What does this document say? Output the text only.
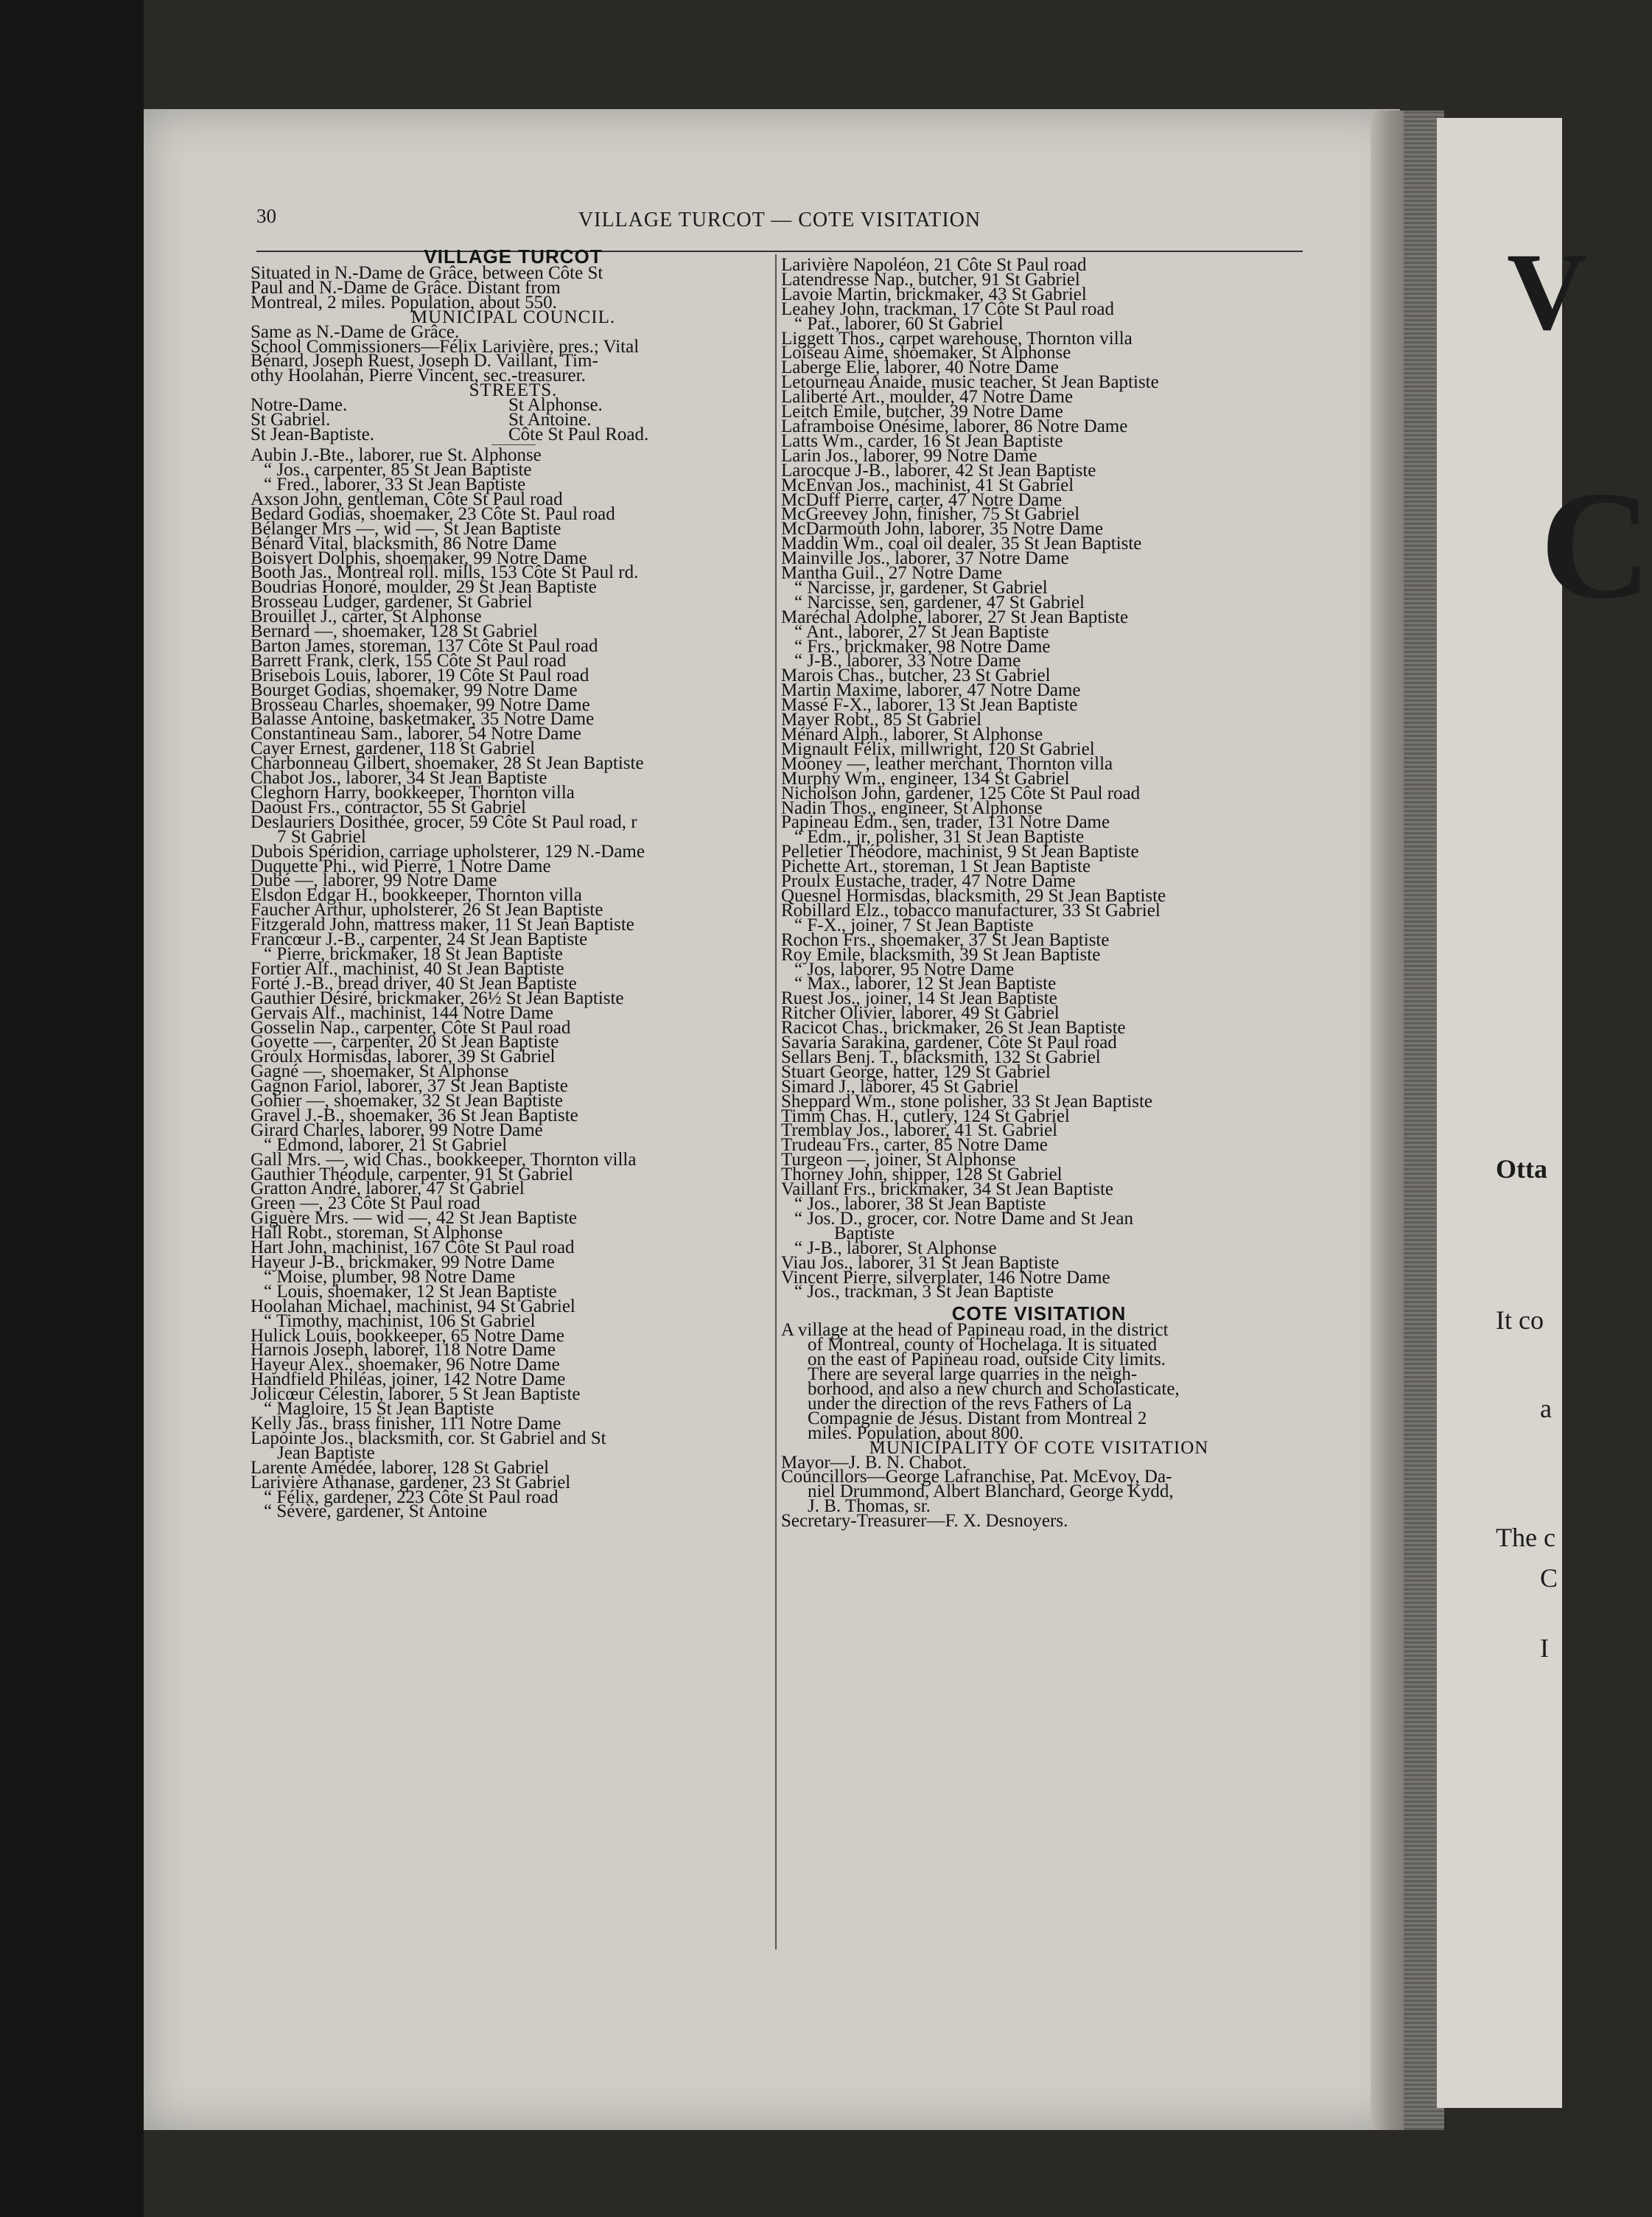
30	VILLAGE TURCOT — COTE VISITATION
VILLAGE TURCOT
Situated in N.-Dame de Grâce, between Côte St
Paul and N.-Dame de Grâce. Distant from
Montreal, 2 miles. Population, about 550.
MUNICIPAL COUNCIL.
Same as N.-Dame de Grâce.
School Commissioners—Félix Larivière, pres.; Vital
Bénard, Joseph Ruest, Joseph D. Vaillant, Tim-
othy Hoolahan, Pierre Vincent, sec.-treasurer.
STREETS.
Notre-Dame.
St Gabriel.
St Jean-Baptiste.
St Alphonse.
St Antoine.
Côte St Paul Road.
Aubin J.-Bte., laborer, rue St. Alphonse
“ Jos., carpenter, 85 St Jean Baptiste
“ Fred., laborer, 33 St Jean Baptiste
Axson John, gentleman, Côte St Paul road
Bedard Godias, shoemaker, 23 Côte St. Paul road
Bélanger Mrs —, wid —, St Jean Baptiste
Bénard Vital, blacksmith, 86 Notre Dame
Boisvert Dolphis, shoemaker, 99 Notre Dame
Booth Jas., Montreal roll. mills, 153 Côte St Paul rd.
Boudrias Honoré, moulder, 29 St Jean Baptiste
Brosseau Ludger, gardener, St Gabriel
Brouillet J., carter, St Alphonse
Bernard —, shoemaker, 128 St Gabriel
Barton James, storeman, 137 Côte St Paul road
Barrett Frank, clerk, 155 Côte St Paul road
Brisebois Louis, laborer, 19 Côte St Paul road
Bourget Godias, shoemaker, 99 Notre Dame
Brosseau Charles, shoemaker, 99 Notre Dame
Balasse Antoine, basketmaker, 35 Notre Dame
Constantineau Sam., laborer, 54 Notre Dame
Cayer Ernest, gardener, 118 St Gabriel
Charbonneau Gilbert, shoemaker, 28 St Jean Baptiste
Chabot Jos., laborer, 34 St Jean Baptiste
Cleghorn Harry, bookkeeper, Thornton villa
Daoust Frs., contractor, 55 St Gabriel
Deslauriers Dosithée, grocer, 59 Côte St Paul road, r
7 St Gabriel
Dubois Spéridion, carriage upholsterer, 129 N.-Dame
Duquette Phi., wid Pierre, 1 Notre Dame
Dubé —, laborer, 99 Notre Dame
Elsdon Edgar H., bookkeeper, Thornton villa
Faucher Arthur, upholsterer, 26 St Jean Baptiste
Fitzgerald John, mattress maker, 11 St Jean Baptiste
Francœur J.-B., carpenter, 24 St Jean Baptiste
“ Pierre, brickmaker, 18 St Jean Baptiste
Fortier Alf., machinist, 40 St Jean Baptiste
Forté J.-B., bread driver, 40 St Jean Baptiste
Gauthier Désiré, brickmaker, 26½ St Jean Baptiste
Gervais Alf., machinist, 144 Notre Dame
Gosselin Nap., carpenter, Côte St Paul road
Goyette —, carpenter, 20 St Jean Baptiste
Groulx Hormisdas, laborer, 39 St Gabriel
Gagné —, shoemaker, St Alphonse
Gagnon Fariol, laborer, 37 St Jean Baptiste
Gohier —, shoemaker, 32 St Jean Baptiste
Gravel J.-B., shoemaker, 36 St Jean Baptiste
Girard Charles, laborer, 99 Notre Dame
“ Edmond, laborer, 21 St Gabriel
Gall Mrs. —, wid Chas., bookkeeper, Thornton villa
Gauthier Théodule, carpenter, 91 St Gabriel
Gratton André, laborer, 47 St Gabriel
Green —, 23 Côte St Paul road
Giguère Mrs. — wid —, 42 St Jean Baptiste
Hall Robt., storeman, St Alphonse
Hart John, machinist, 167 Côte St Paul road
Hayeur J-B., brickmaker, 99 Notre Dame
“ Moise, plumber, 98 Notre Dame
“ Louis, shoemaker, 12 St Jean Baptiste
Hoolahan Michael, machinist, 94 St Gabriel
“ Timothy, machinist, 106 St Gabriel
Hulick Louis, bookkeeper, 65 Notre Dame
Harnois Joseph, laborer, 118 Notre Dame
Hayeur Alex., shoemaker, 96 Notre Dame
Handfield Philéas, joiner, 142 Notre Dame
Jolicœur Célestin, laborer, 5 St Jean Baptiste
“ Magloire, 15 St Jean Baptiste
Kelly Jas., brass finisher, 111 Notre Dame
Lapointe Jos., blacksmith, cor. St Gabriel and St
Jean Baptiste
Larente Amédée, laborer, 128 St Gabriel
Larivière Athanase, gardener, 23 St Gabriel
“ Félix, gardener, 223 Côte St Paul road
“ Sévère, gardener, St Antoine
Larivière Napoléon, 21 Côte St Paul road
Latendresse Nap., butcher, 91 St Gabriel
Lavoie Martin, brickmaker, 43 St Gabriel
Leahey John, trackman, 17 Côte St Paul road
“ Pat., laborer, 60 St Gabriel
Liggett Thos., carpet warehouse, Thornton villa
Loiseau Aimé, shoemaker, St Alphonse
Laberge Elie, laborer, 40 Notre Dame
Letourneau Anaide, music teacher, St Jean Baptiste
Laliberté Art., moulder, 47 Notre Dame
Leitch Emile, butcher, 39 Notre Dame
Laframboise Onésime, laborer, 86 Notre Dame
Latts Wm., carder, 16 St Jean Baptiste
Larin Jos., laborer, 99 Notre Dame
Larocque J-B., laborer, 42 St Jean Baptiste
McEnvan Jos., machinist, 41 St Gabriel
McDuff Pierre, carter, 47 Notre Dame
McGreevey John, finisher, 75 St Gabriel
McDarmouth John, laborer, 35 Notre Dame
Maddin Wm., coal oil dealer, 35 St Jean Baptiste
Mainville Jos., laborer, 37 Notre Dame
Mantha Guil., 27 Notre Dame
“ Narcisse, jr, gardener, St Gabriel
“ Narcisse, sen, gardener, 47 St Gabriel
Maréchal Adolphe, laborer, 27 St Jean Baptiste
“ Ant., laborer, 27 St Jean Baptiste
“ Frs., brickmaker, 98 Notre Dame
“ J-B., laborer, 33 Notre Dame
Marois Chas., butcher, 23 St Gabriel
Martin Maxime, laborer, 47 Notre Dame
Massé F-X., laborer, 13 St Jean Baptiste
Mayer Robt., 85 St Gabriel
Ménard Alph., laborer, St Alphonse
Mignault Félix, millwright, 120 St Gabriel
Mooney —, leather merchant, Thornton villa
Murphy Wm., engineer, 134 St Gabriel
Nicholson John, gardener, 125 Côte St Paul road
Nadin Thos., engineer, St Alphonse
Papineau Edm., sen, trader, 131 Notre Dame
“ Edm., jr, polisher, 31 St Jean Baptiste
Pelletier Théodore, machinist, 9 St Jean Baptiste
Pichette Art., storeman, 1 St Jean Baptiste
Proulx Eustache, trader, 47 Notre Dame
Quesnel Hormisdas, blacksmith, 29 St Jean Baptiste
Robillard Elz., tobacco manufacturer, 33 St Gabriel
“ F-X., joiner, 7 St Jean Baptiste
Rochon Frs., shoemaker, 37 St Jean Baptiste
Roy Emile, blacksmith, 39 St Jean Baptiste
“ Jos, laborer, 95 Notre Dame
“ Max., laborer, 12 St Jean Baptiste
Ruest Jos., joiner, 14 St Jean Baptiste
Ritcher Olivier, laborer, 49 St Gabriel
Racicot Chas., brickmaker, 26 St Jean Baptiste
Savaria Sarakina, gardener, Côte St Paul road
Sellars Benj. T., blacksmith, 132 St Gabriel
Stuart George, hatter, 129 St Gabriel
Simard J., laborer, 45 St Gabriel
Sheppard Wm., stone polisher, 33 St Jean Baptiste
Timm Chas. H., cutlery, 124 St Gabriel
Tremblay Jos., laborer, 41 St. Gabriel
Trudeau Frs., carter, 85 Notre Dame
Turgeon —, joiner, St Alphonse
Thorney John, shipper, 128 St Gabriel
Vaillant Frs., brickmaker, 34 St Jean Baptiste
“ Jos., laborer, 38 St Jean Baptiste
“ Jos. D., grocer, cor. Notre Dame and St Jean
Baptiste
“ J-B., laborer, St Alphonse
Viau Jos., laborer, 31 St Jean Baptiste
Vincent Pierre, silverplater, 146 Notre Dame
“ Jos., trackman, 3 St Jean Baptiste
COTE VISITATION
A village at the head of Papineau road, in the district
of Montreal, county of Hochelaga. It is situated
on the east of Papineau road, outside City limits.
There are several large quarries in the neigh-
borhood, and also a new church and Scholasticate,
under the direction of the revs Fathers of La
Compagnie de Jésus. Distant from Montreal 2
miles. Population, about 800.
MUNICIPALITY OF COTE VISITATION
Mayor—J. B. N. Chabot.
Councillors—George Lafranchise, Pat. McEvoy, Da-
niel Drummond, Albert Blanchard, George Kydd,
J. B. Thomas, sr.
Secretary-Treasurer—F. X. Desnoyers.
V
C
Otta
It co
a
The c
C
I
